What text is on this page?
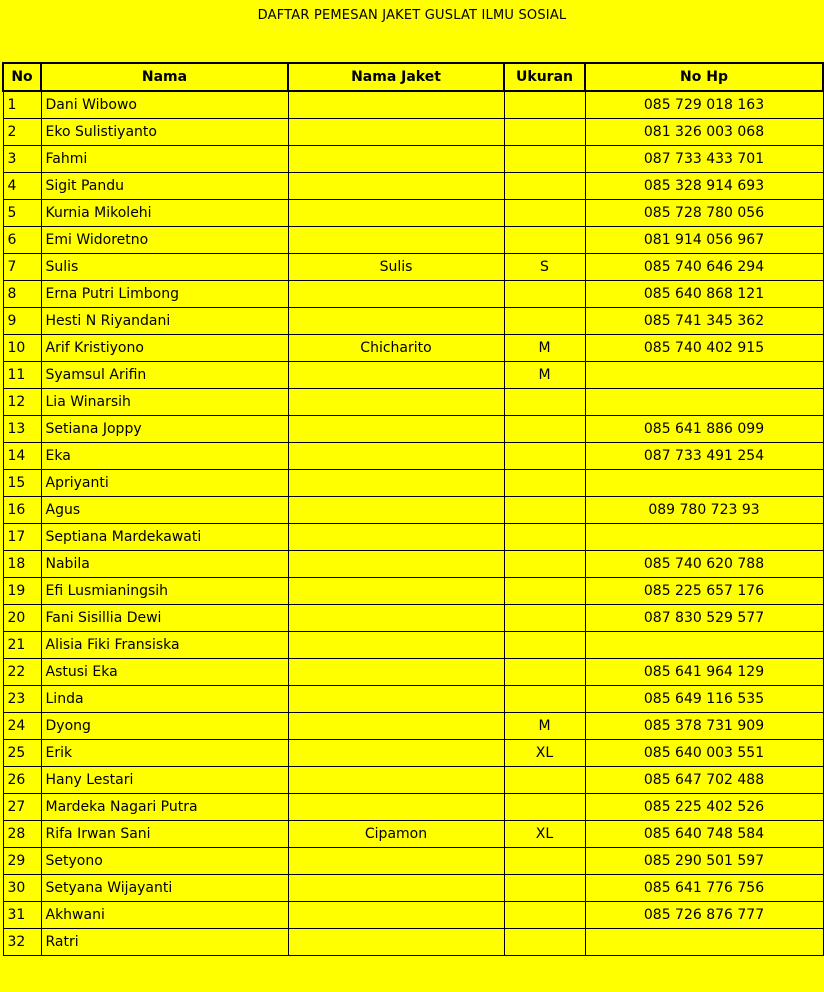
DAFTAR PEMESAN JAKET GUSLAT ILMU SOSIAL
No	Nama	Nama Jaket	Ukuran	No Hp
1	Dani Wibowo			085 729 018 163
2	Eko Sulistiyanto			081 326 003 068
3	Fahmi			087 733 433 701
4	Sigit Pandu			085 328 914 693
5	Kurnia Mikolehi			085 728 780 056
6	Emi Widoretno			081 914 056 967
7	Sulis	Sulis	S	085 740 646 294
8	Erna Putri Limbong			085 640 868 121
9	Hesti N Riyandani			085 741 345 362
10	Arif Kristiyono	Chicharito	M	085 740 402 915
11	Syamsul Arifin		M	
12	Lia Winarsih			
13	Setiana Joppy			085 641 886 099
14	Eka			087 733 491 254
15	Apriyanti			
16	Agus			089 780 723 93
17	Septiana Mardekawati			
18	Nabila			085 740 620 788
19	Efi Lusmianingsih			085 225 657 176
20	Fani Sisillia Dewi			087 830 529 577
21	Alisia Fiki Fransiska			
22	Astusi Eka			085 641 964 129
23	Linda			085 649 116 535
24	Dyong		M	085 378 731 909
25	Erik		XL	085 640 003 551
26	Hany Lestari			085 647 702 488
27	Mardeka Nagari Putra			085 225 402 526
28	Rifa Irwan Sani	Cipamon	XL	085 640 748 584
29	Setyono			085 290 501 597
30	Setyana Wijayanti			085 641 776 756
31	Akhwani			085 726 876 777
32	Ratri			
